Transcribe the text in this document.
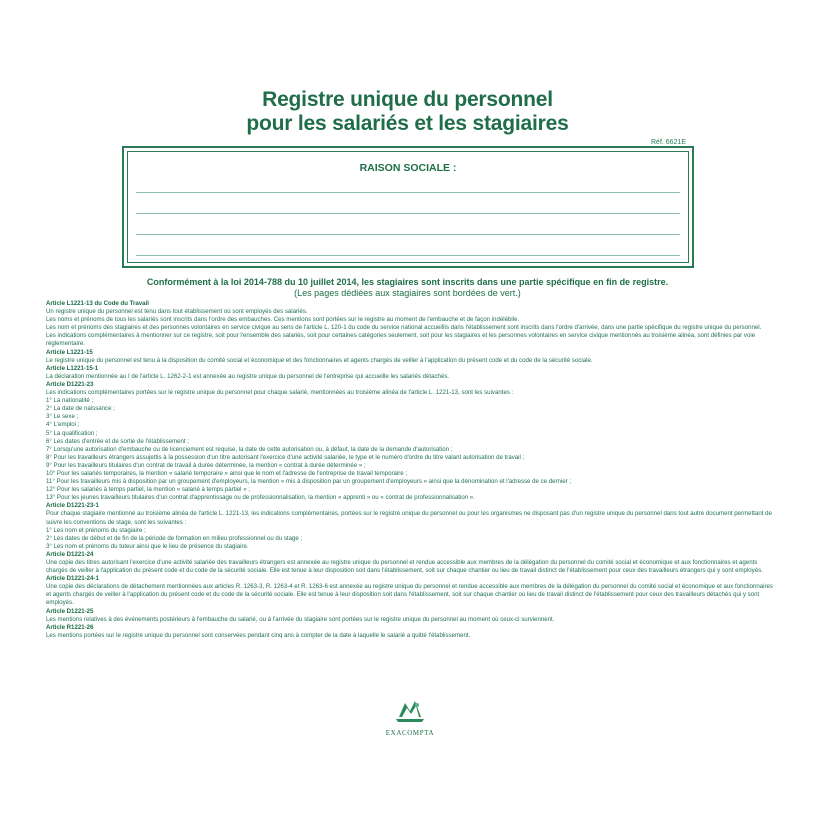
Registre unique du personnel
pour les salariés et les stagiaires
Réf. 6621E
RAISON SOCIALE :
Conformément à la loi 2014-788 du 10 juillet 2014, les stagiaires sont inscrits dans une partie spécifique en fin de registre.
(Les pages dédiées aux stagiaires sont bordées de vert.)

Article L1221-13 du Code du Travail

Un registre unique du personnel est tenu dans tout établissement où sont employés des salariés.

Les noms et prénoms de tous les salariés sont inscrits dans l'ordre des embauches. Ces mentions sont portées sur le registre au moment de l'embauche et de façon indélébile.

Les nom et prénoms des stagiaires et des personnes volontaires en service civique au sens de l'article L. 120-1 du code du service national accueillis dans l'établissement sont inscrits dans l'ordre d'arrivée, dans une partie spécifique du registre unique du personnel.

Les indications complémentaires à mentionner sur ce registre, soit pour l'ensemble des salariés, soit pour certaines catégories seulement, soit pour les stagiaires et les personnes volontaires en service civique mentionnés au troisième alinéa, sont définies par voie réglementaire.

Article L1221-15

Le registre unique du personnel est tenu à la disposition du comité social et économique et des fonctionnaires et agents chargés de veiller à l'application du présent code et du code de la sécurité sociale.

Article L1221-15-1

La déclaration mentionnée au I de l'article L. 1262-2-1 est annexée au registre unique du personnel de l'entreprise qui accueille les salariés détachés.

Article D1221-23

Les indications complémentaires portées sur le registre unique du personnel pour chaque salarié, mentionnées au troisième alinéa de l'article L. 1221-13, sont les suivantes :

1° La nationalité ;

2° La date de naissance ;

3° Le sexe ;

4° L'emploi ;

5° La qualification ;

6° Les dates d'entrée et de sortie de l'établissement ;

7° Lorsqu'une autorisation d'embauche ou de licenciement est requise, la date de cette autorisation ou, à défaut, la date de la demande d'autorisation ;

8° Pour les travailleurs étrangers assujettis à la possession d'un titre autorisant l'exercice d'une activité salariée, le type et le numéro d'ordre du titre valant autorisation de travail ;

9° Pour les travailleurs titulaires d'un contrat de travail à durée déterminée, la mention « contrat à durée déterminée » ;

10° Pour les salariés temporaires, la mention « salarié temporaire » ainsi que le nom et l'adresse de l'entreprise de travail temporaire ;

11° Pour les travailleurs mis à disposition par un groupement d'employeurs, la mention « mis à disposition par un groupement d'employeurs » ainsi que la dénomination et l'adresse de ce dernier ;

12° Pour les salariés à temps partiel, la mention « salarié à temps partiel » ;

13° Pour les jeunes travailleurs titulaires d'un contrat d'apprentissage ou de professionnalisation, la mention « apprenti » ou « contrat de professionnalisation ».

Article D1221-23-1

Pour chaque stagiaire mentionné au troisième alinéa de l'article L. 1221-13, les indications complémentaires, portées sur le registre unique du personnel ou pour les organismes ne disposant pas d'un registre unique du personnel dans tout autre document permettant de suivre les conventions de stage, sont les suivantes :

1° Les nom et prénoms du stagiaire ;

2° Les dates de début et de fin de la période de formation en milieu professionnel ou du stage ;

3° Les nom et prénoms du tuteur ainsi que le lieu de présence du stagiaire.

Article D1221-24

Une copie des titres autorisant l'exercice d'une activité salariée des travailleurs étrangers est annexée au registre unique du personnel et rendue accessible aux membres de la délégation du personnel du comité social et économique et aux fonctionnaires et agents chargés de veiller à l'application du présent code et du code de la sécurité sociale. Elle est tenue à leur disposition soit dans l'établissement, soit sur chaque chantier ou lieu de travail distinct de l'établissement pour ceux des travailleurs étrangers qui y sont employés.

Article D1221-24-1

Une copie des déclarations de détachement mentionnées aux articles R. 1263-3, R. 1263-4 et R. 1263-6 est annexée au registre unique du personnel et rendue accessible aux membres de la délégation du personnel du comité social et économique et aux fonctionnaires et agents chargés de veiller à l'application du présent code et du code de la sécurité sociale. Elle est tenue à leur disposition soit dans l'établissement, soit sur chaque chantier ou lieu de travail distinct de l'établissement pour ceux des travailleurs détachés qui y sont employés.

Article D1221-25

Les mentions relatives à des événements postérieurs à l'embauche du salarié, ou à l'arrivée du stagiaire sont portées sur le registre unique du personnel au moment où ceux-ci surviennent.

Article R1221-26

Les mentions portées sur le registre unique du personnel sont conservées pendant cinq ans à compter de la date à laquelle le salarié a quitté l'établissement.

EXACOMPTA
